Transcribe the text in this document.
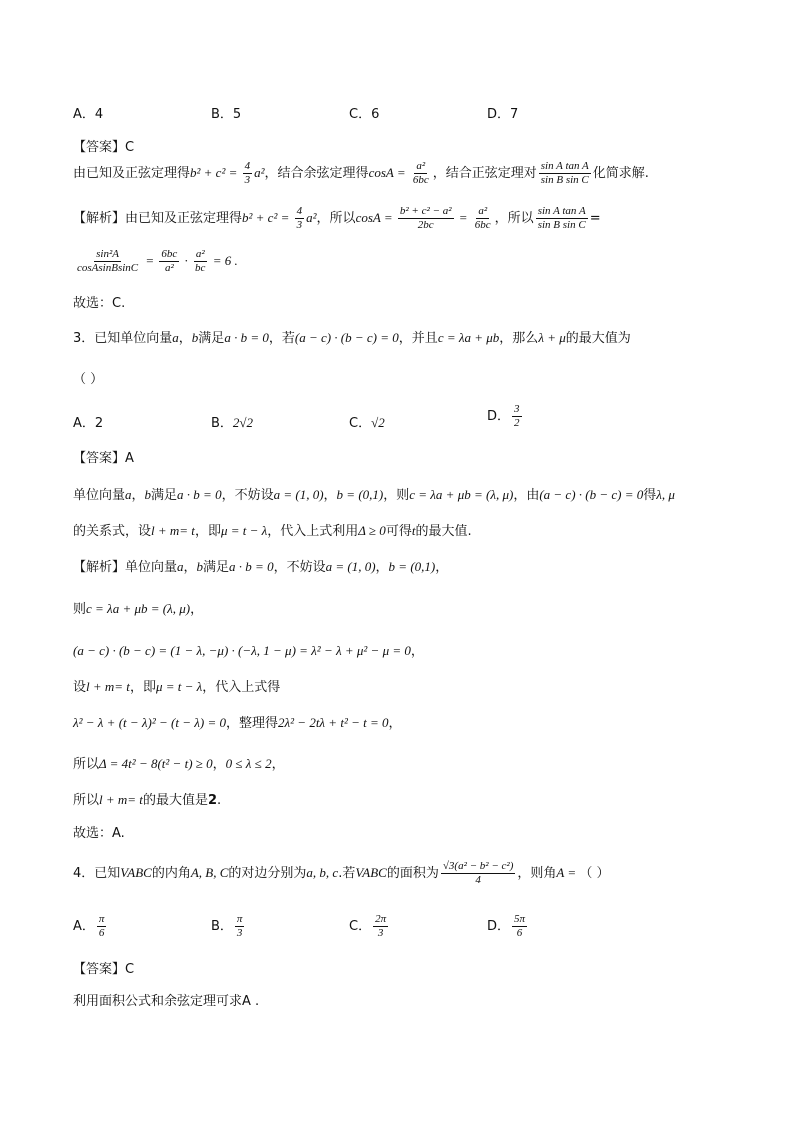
A．4	B．5	C．6	D．7
【答案】C
由已知及正弦定理得$b^2 + c^2 = \frac{4}{3} a^2$，结合余弦定理得$\cos A = \frac{\text{a²}}{6bc}$ ，结合正弦定理对 $\frac{\text{sin A tan A}}{\text{sin B sin C}}$ 化简求解.
【解析】由已知及正弦定理得$b^2 + c^2 = \frac{4}{3} a^2$，所以$\cos A = \frac{\text{b² + c² − a²}}{2bc} = \frac{\text{a²}}{6bc}$ ，所以 $\frac{\text{sin A tan A}}{\text{sin B sin C}}$ =
$\frac{\text{sin²A}}{\text{cosAsinBsinC}} = \frac{6bc}{\text{a²}} \cdot \frac{\text{a²}}{bc} = 6$ .
故选：C.
3．已知单位向量a，b满足a · b = 0，若(a − c) · (b − c) = 0，并且c = λa + μb，那么λ + μ的最大值为
（ ）
A．2	B．2√2	C．√2	D． $\frac{3}{2}$
【答案】A
单位向量a，b满足a · b = 0，不妨设a = (1, 0)，b = (0,1)，则c = λa + μb = (λ, μ)，由(a − c) · (b − c) = 0得λ, μ
的关系式，设l + m= t，即μ = t − λ，代入上式利用Δ ≥ 0可得t的最大值.
【解析】单位向量a，b满足a · b = 0，不妨设a = (1, 0)，b = (0,1)，
则c = λa + μb = (λ, μ)，
(a − c) · (b − c) = (1 − λ, −μ) · (−λ, 1 − μ) = λ² − λ + μ² − μ = 0，
设l + m= t，即μ = t − λ，代入上式得
λ² − λ + (t − λ)² − (t − λ) = 0，整理得2λ² − 2tλ + t² − t = 0，
所以Δ = 4t² − 8(t² − t) ≥ 0，0 ≤ λ ≤ 2，
所以l + m= t的最大值是2.
故选：A.
4．已知VABC的内角A, B, C的对边分别为a, b, c.若VABC的面积为 $\frac{\text{√3(a² − b² − c²)}}{4}$ ，则角A = （ ）
A． $\frac{\pi}{6}$	B． $\frac{\pi}{3}$	C． $\frac{2\pi}{3}$	D． $\frac{5\pi}{6}$
【答案】C
利用面积公式和余弦定理可求A .
